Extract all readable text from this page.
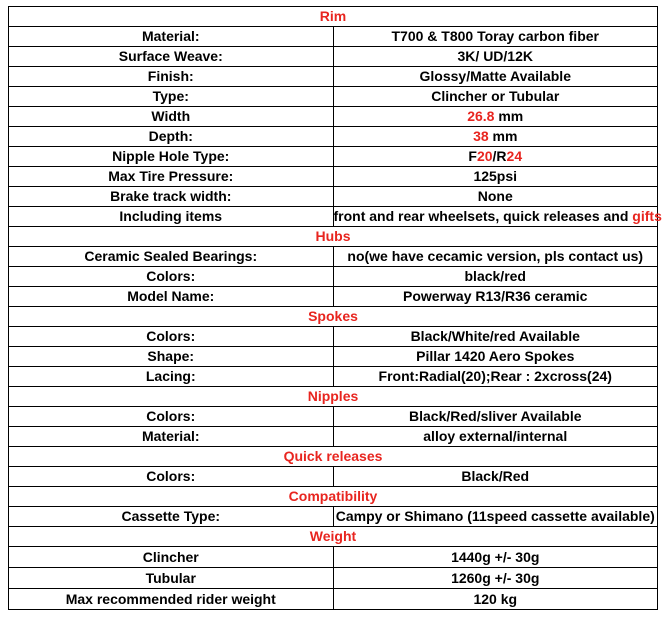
Rim	
Material:	T700 & T800 Toray carbon fiber
Surface Weave:	3K/ UD/12K
Finish:	Glossy/Matte Available
Type:	Clincher or Tubular
Width	26.8 mm
Depth:	38 mm
Nipple Hole Type:	F20/R24
Max Tire Pressure:	125psi
Brake track width:	None
Including items	front and rear wheelsets, quick releases and gifts
Hubs	
Ceramic Sealed Bearings:	no(we have cecamic version, pls contact us)
Colors:	black/red
Model Name:	Powerway R13/R36 ceramic
Spokes	
Colors:	Black/White/red Available
Shape:	Pillar 1420 Aero Spokes
Lacing:	Front:Radial(20);Rear : 2xcross(24)
Nipples	
Colors:	Black/Red/sliver Available
Material:	alloy external/internal
Quick releases	
Colors:	Black/Red
Compatibility	
Cassette Type:	Campy or Shimano (11speed cassette available)
Weight	
Clincher	1440g +/- 30g
Tubular	1260g +/- 30g
Max recommended rider weight	120 kg
